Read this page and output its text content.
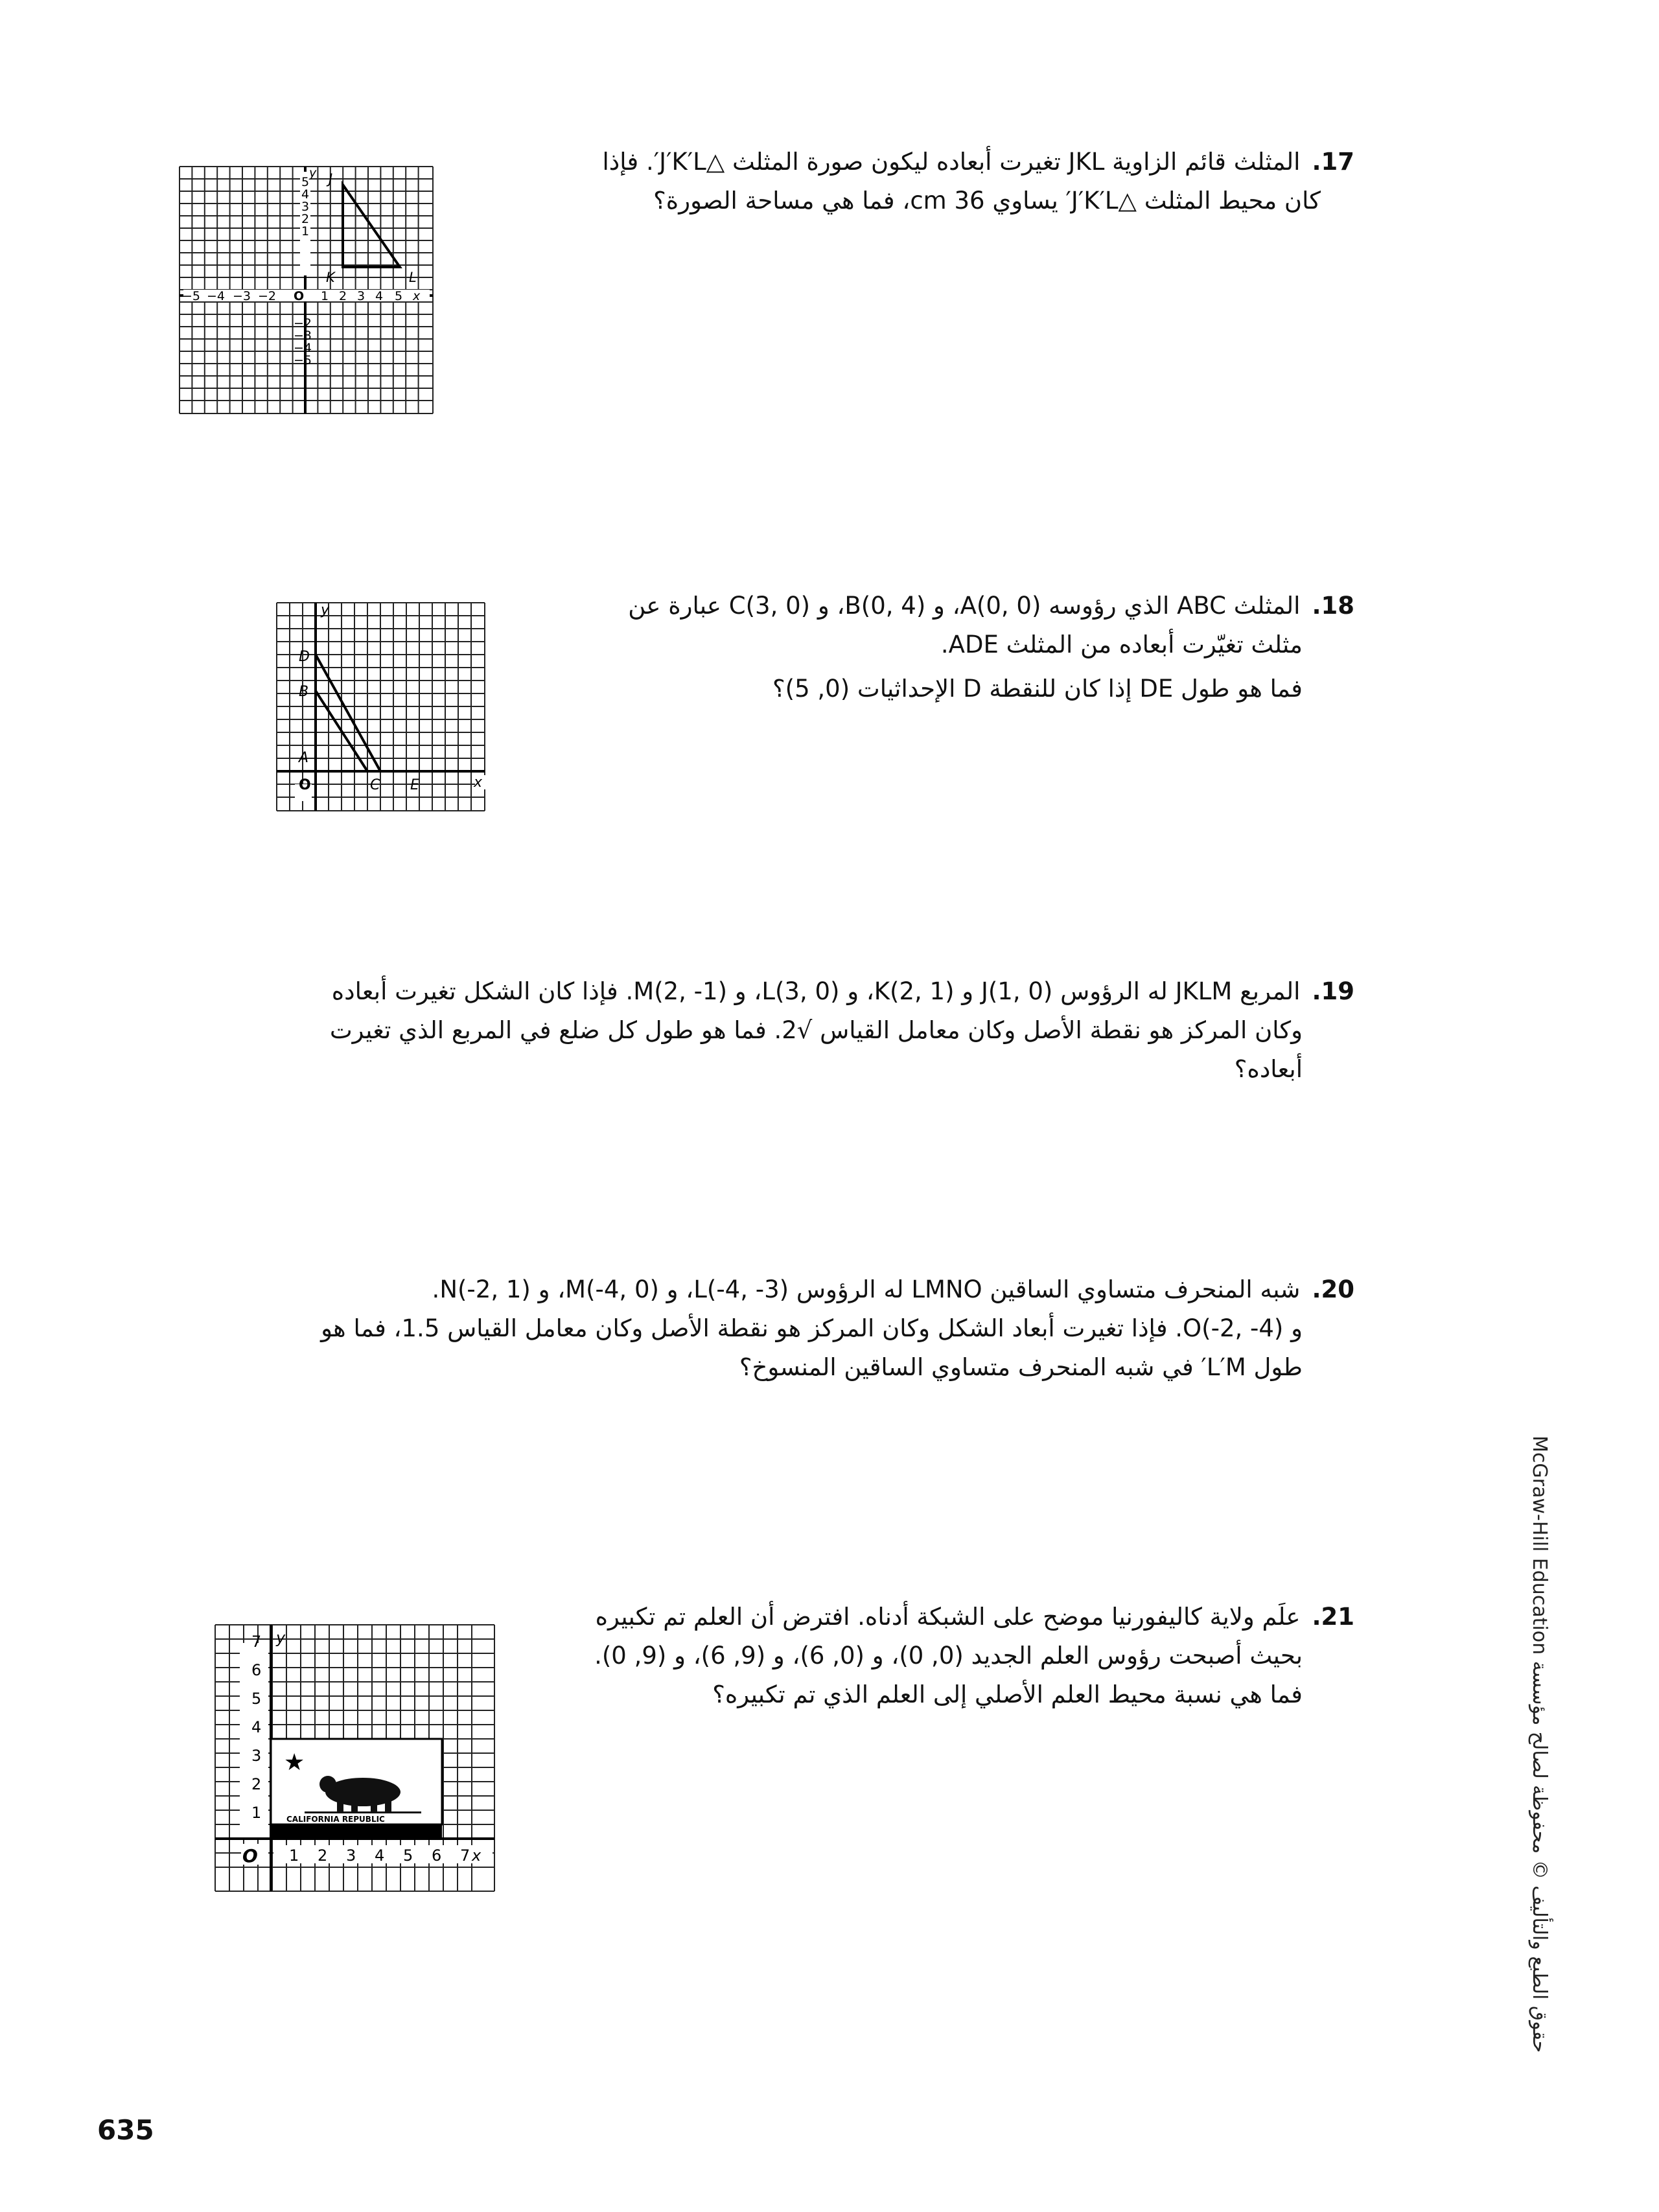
17.المثلث قائم الزاوية JKL تغيرت أبعاده ليكون صورة المثلث △J′K′L′. فإذا
كان محيط المثلث △J′K′L′ يساوي 36 cm، فما هي مساحة الصورة؟
18.المثلث ABC الذي رؤوسه A(0, 0)، و B(0, 4)، و C(3, 0) عبارة عن
مثلث تغيّرت أبعاده من المثلث ADE.
فما هو طول DE إذا كان للنقطة D الإحداثيات (0, 5)؟
19.المربع JKLM له الرؤوس J(1, 0) و K(2, 1)، و L(3, 0)، و M(2, -1). فإذا كان الشكل تغيرت أبعاده
وكان المركز هو نقطة الأصل وكان معامل القياس √2. فما هو طول كل ضلع في المربع الذي تغيرت
أبعاده؟
20.شبه المنحرف متساوي الساقين LMNO له الرؤوس L(-4, -3)، و M(-4, 0)، و N(-2, 1).
و O(-2, -4). فإذا تغيرت أبعاد الشكل وكان المركز هو نقطة الأصل وكان معامل القياس 1.5، فما هو
طول L′M′ في شبه المنحرف متساوي الساقين المنسوخ؟
21.علَم ولاية كاليفورنيا موضح على الشبكة أدناه. افترض أن العلم تم تكبيره
بحيث أصبحت رؤوس العلم الجديد (0, 0)، و (0, 6)، و (9, 6)، و (9, 0).
فما هي نسبة محيط العلم الأصلي إلى العلم الذي تم تكبيره؟
5
4
3
2
1
−2
−3
−4
−5
−5 −4 −3 −2	1 2 3 4 5
O	x
y J
K	L
y
x
D
B
A
O	C E
★
CALIFORNIA REPUBLIC
1
2
3
4
5
6
7
1 2 3 4 5 6 7 x
y
O
حقوق الطبع والتأليف © محفوظة لصالح مؤسسة McGraw-Hill Education
635
